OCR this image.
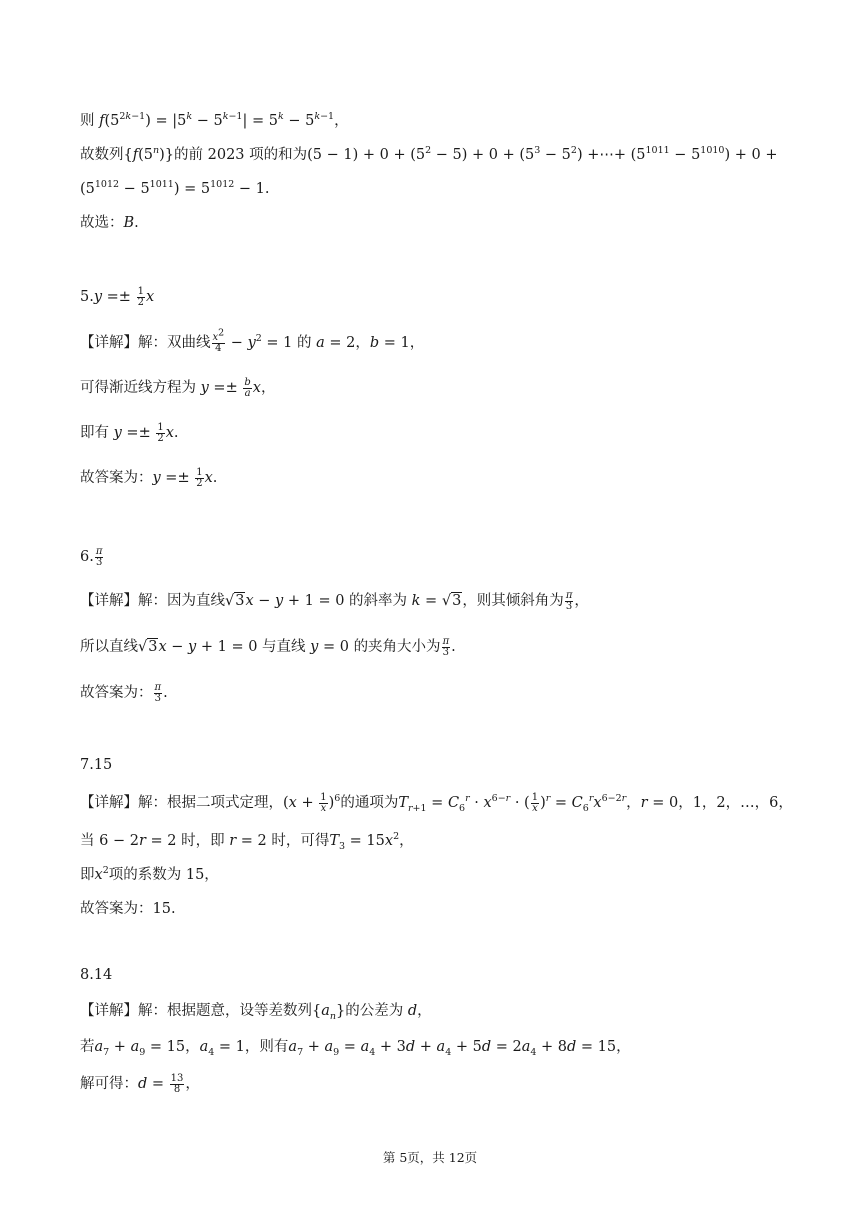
则 $f(5^{2k-1}) = |5^k - 5^{k-1}| = 5^k - 5^{k-1}$，
故数列{f(5$^n$)}的前 2023 项的和为$(5 - 1) + 0 + (5^2 - 5) + 0 + (5^3 - 5^2)$ +⋯+ $(5^{1011} - 5^{1010}) + 0$ +
$(5^{1012} - 5^{1011}) = 5^{1012} - 1$.
故选：B.
$5.y =\pm \frac{1}{2}$ x
【详解】解：双曲线 $\frac{x^2}{4} - y^2 = 1$ 的 a = 2，b = 1，
可得渐近线方程为 $y =\pm \frac{b}{a}$ x，
即有 $y =\pm \frac{1}{2} x$.
故答案为：$y =\pm \frac{1}{2} x$.
6. $\frac{\pi}{3}$
【详解】解：因为直线√3x − y + 1 = 0 的斜率为 k = √3，则其倾斜角为 $\frac{\pi}{3}$ ，
所以直线√3x − y + 1 = 0 与直线 y = 0 的夹角大小为 $\frac{\pi}{3}$ .
故答案为： $\frac{\pi}{3}$ .
7.15
【详解】解：根据二项式定理，$(x + \frac{1}{x} )^6$的通项为$T_{r+1} = C_6^r \cdot x^{6-r}$ · ( $\frac{1}{x} )^r = C_6^rx^{6-2r}$，r = 0，1，2，…，6，
当 6 − 2r = 2 时，即 r = 2 时，可得$T_3 = 15x^2$，
即$x^2$项的系数为 15，
故答案为：15.
8.14
【详解】解：根据题意，设等差数列$\{a_n\}$的公差为 d，
若$a_7 + a_9 = 15$，$a_4 = 1$，则有$a_7 + a_9 = a_4 + 3d + a_4 + 5d = 2a_4 + 8d = 15$，
解可得：$d = \frac{13}{8}$ ，
第 5页，共 12页
